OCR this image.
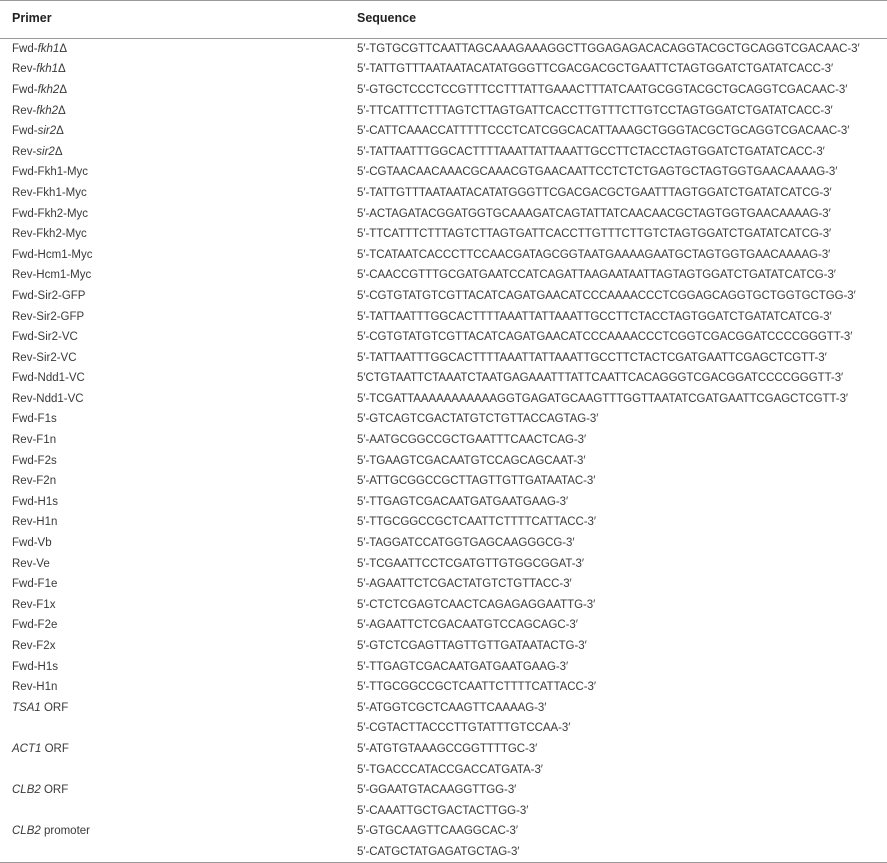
Primer	Sequence
Fwd-fkh1Δ	5′-TGTGCGTTCAATTAGCAAAGAAAGGCTTGGAGAGACACAGGTACGCTGCAGGTCGACAAC-3′
Rev-fkh1Δ	5′-TATTGTTTAATAATACATATGGGTTCGACGACGCTGAATTCTAGTGGATCTGATATCACC-3′
Fwd-fkh2Δ	5′-GTGCTCCCTCCGTTTCCTTTATTGAAACTTTATCAATGCGGTACGCTGCAGGTCGACAAC-3′
Rev-fkh2Δ	5′-TTCATTTCTTTAGTCTTAGTGATTCACCTTGTTTCTTGTCCTAGTGGATCTGATATCACC-3′
Fwd-sir2Δ	5′-CATTCAAACCATTTTTCCCTCATCGGCACATTAAAGCTGGGTACGCTGCAGGTCGACAAC-3′
Rev-sir2Δ	5′-TATTAATTTGGCACTTTTAAATTATTAAATTGCCTTCTACCTAGTGGATCTGATATCACC-3′
Fwd-Fkh1-Myc	5′-CGTAACAACAAACGCAAACGTGAACAATTCCTCTCTGAGTGCTAGTGGTGAACAAAAG-3′
Rev-Fkh1-Myc	5′-TATTGTTTAATAATACATATGGGTTCGACGACGCTGAATTTAGTGGATCTGATATCATCG-3′
Fwd-Fkh2-Myc	5′-ACTAGATACGGATGGTGCAAAGATCAGTATTATCAACAACGCTAGTGGTGAACAAAAG-3′
Rev-Fkh2-Myc	5′-TTCATTTCTTTAGTCTTAGTGATTCACCTTGTTTCTTGTCTAGTGGATCTGATATCATCG-3′
Fwd-Hcm1-Myc	5′-TCATAATCACCCTTCCAACGATAGCGGTAATGAAAAGAATGCTAGTGGTGAACAAAAG-3′
Rev-Hcm1-Myc	5′-CAACCGTTTGCGATGAATCCATCAGATTAAGAATAATTAGTAGTGGATCTGATATCATCG-3′
Fwd-Sir2-GFP	5′-CGTGTATGTCGTTACATCAGATGAACATCCCAAAACCCTCGGAGCAGGTGCTGGTGCTGG-3′
Rev-Sir2-GFP	5′-TATTAATTTGGCACTTTTAAATTATTAAATTGCCTTCTACCTAGTGGATCTGATATCATCG-3′
Fwd-Sir2-VC	5′-CGTGTATGTCGTTACATCAGATGAACATCCCAAAACCCTCGGTCGACGGATCCCCGGGTT-3′
Rev-Sir2-VC	5′-TATTAATTTGGCACTTTTAAATTATTAAATTGCCTTCTACTCGATGAATTCGAGCTCGTT-3′
Fwd-Ndd1-VC	5′CTGTAATTCTAAATCTAATGAGAAATTTATTCAATTCACAGGGTCGACGGATCCCCGGGTT-3′
Rev-Ndd1-VC	5′-TCGATTAAAAAAAAAAAGGTGAGATGCAAGTTTGGTTAATATCGATGAATTCGAGCTCGTT-3′
Fwd-F1s	5′-GTCAGTCGACTATGTCTGTTACCAGTAG-3′
Rev-F1n	5′-AATGCGGCCGCTGAATTTCAACTCAG-3′
Fwd-F2s	5′-TGAAGTCGACAATGTCCAGCAGCAAT-3′
Rev-F2n	5′-ATTGCGGCCGCTTAGTTGTTGATAATAC-3′
Fwd-H1s	5′-TTGAGTCGACAATGATGAATGAAG-3′
Rev-H1n	5′-TTGCGGCCGCTCAATTCTTTTCATTACC-3′
Fwd-Vb	5′-TAGGATCCATGGTGAGCAAGGGCG-3′
Rev-Ve	5′-TCGAATTCCTCGATGTTGTGGCGGAT-3′
Fwd-F1e	5′-AGAATTCTCGACTATGTCTGTTACC-3′
Rev-F1x	5′-CTCTCGAGTCAACTCAGAGAGGAATTG-3′
Fwd-F2e	5′-AGAATTCTCGACAATGTCCAGCAGC-3′
Rev-F2x	5′-GTCTCGAGTTAGTTGTTGATAATACTG-3′
Fwd-H1s	5′-TTGAGTCGACAATGATGAATGAAG-3′
Rev-H1n	5′-TTGCGGCCGCTCAATTCTTTTCATTACC-3′
TSA1 ORF	5′-ATGGTCGCTCAAGTTCAAAAG-3′
	5′-CGTACTTACCCTTGTATTTGTCCAA-3′
ACT1 ORF	5′-ATGTGTAAAGCCGGTTTTGC-3′
	5′-TGACCCATACCGACCATGATA-3′
CLB2 ORF	5′-GGAATGTACAAGGTTGG-3′
	5′-CAAATTGCTGACTACTTGG-3′
CLB2 promoter	5′-GTGCAAGTTCAAGGCAC-3′
	5′-CATGCTATGAGATGCTAG-3′
